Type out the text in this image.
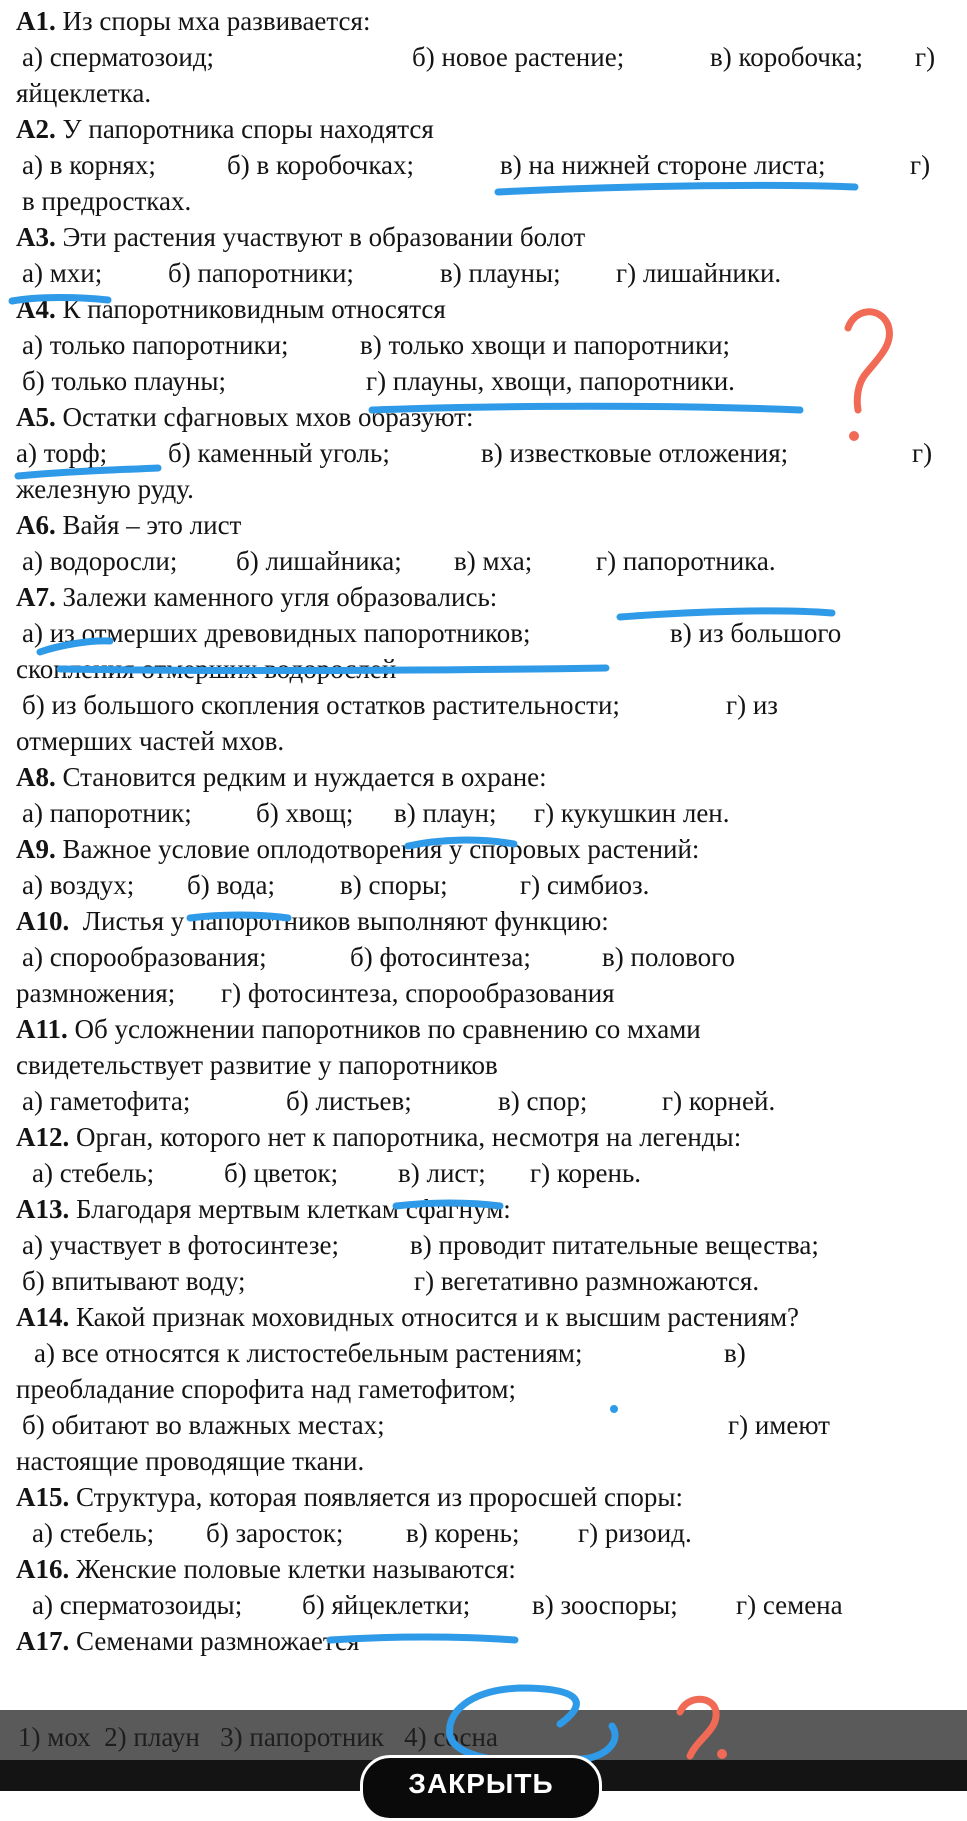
A1. Из споры мха развивается:
а) сперматозоид;	б) новое растение;	в) коробочка; г)
яйцеклетка.
A2. У папоротника споры находятся
а) в корнях;	б) в коробочках;	в) на нижней стороне листа;	г)
в предростках.
A3. Эти растения участвуют в образовании болот
а) мхи; б) папоротники;	в) плауны; г) лишайники.
A4. К папоротниковидным относятся
а) только папоротники;	в) только хвощи и папоротники;
б) только плауны;	г) плауны, хвощи, папоротники.
A5. Остатки сфагновых мхов образуют:
а) торф; б) каменный уголь;	в) известковые отложения;	г)
железную руду.
A6. Вайя – это лист
а) водоросли; б) лишайника; в) мха; г) папоротника.
A7. Залежи каменного угля образовались:
а) из отмерших древовидных папоротников;	в) из большого
скопления отмерших водорослей
б) из большого скопления остатков растительности;	г) из
отмерших частей мхов.
A8. Становится редким и нуждается в охране:
а) папоротник; б) хвощ; в) плаун; г) кукушкин лен.
A9. Важное условие оплодотворения у споровых растений:
а) воздух; б) вода; в) споры;	г) симбиоз.
A10. Листья у папоротников выполняют функцию:
а) спорообразования;	б) фотосинтеза;	в) полового
размножения; г) фотосинтеза, спорообразования
A11. Об усложнении папоротников по сравнению со мхами
свидетельствует развитие у папоротников
а) гаметофита;	б) листьев;	в) спор;	г) корней.
A12. Орган, которого нет к папоротника, несмотря на легенды:
а) стебель;	б) цветок; в) лист; г) корень.
A13. Благодаря мертвым клеткам сфагнум:
а) участвует в фотосинтезе;	в) проводит питательные вещества;
б) впитывают воду;	г) вегетативно размножаются.
A14. Какой признак моховидных относится и к высшим растениям?
а) все относятся к листостебельным растениям;	в)
преобладание спорофита над гаметофитом;
б) обитают во влажных местах;	г) имеют
настоящие проводящие ткани.
A15. Структура, которая появляется из проросшей споры:
а) стебель; б) заросток; в) корень; г) ризоид.
A16. Женские половые клетки называются:
а) сперматозоиды; б) яйцеклетки; в) зооспоры; г) семена
A17. Семенами размножается
1) мох 2) плаун 3) папоротник 4) сосна
ЗАКРЫТЬ
